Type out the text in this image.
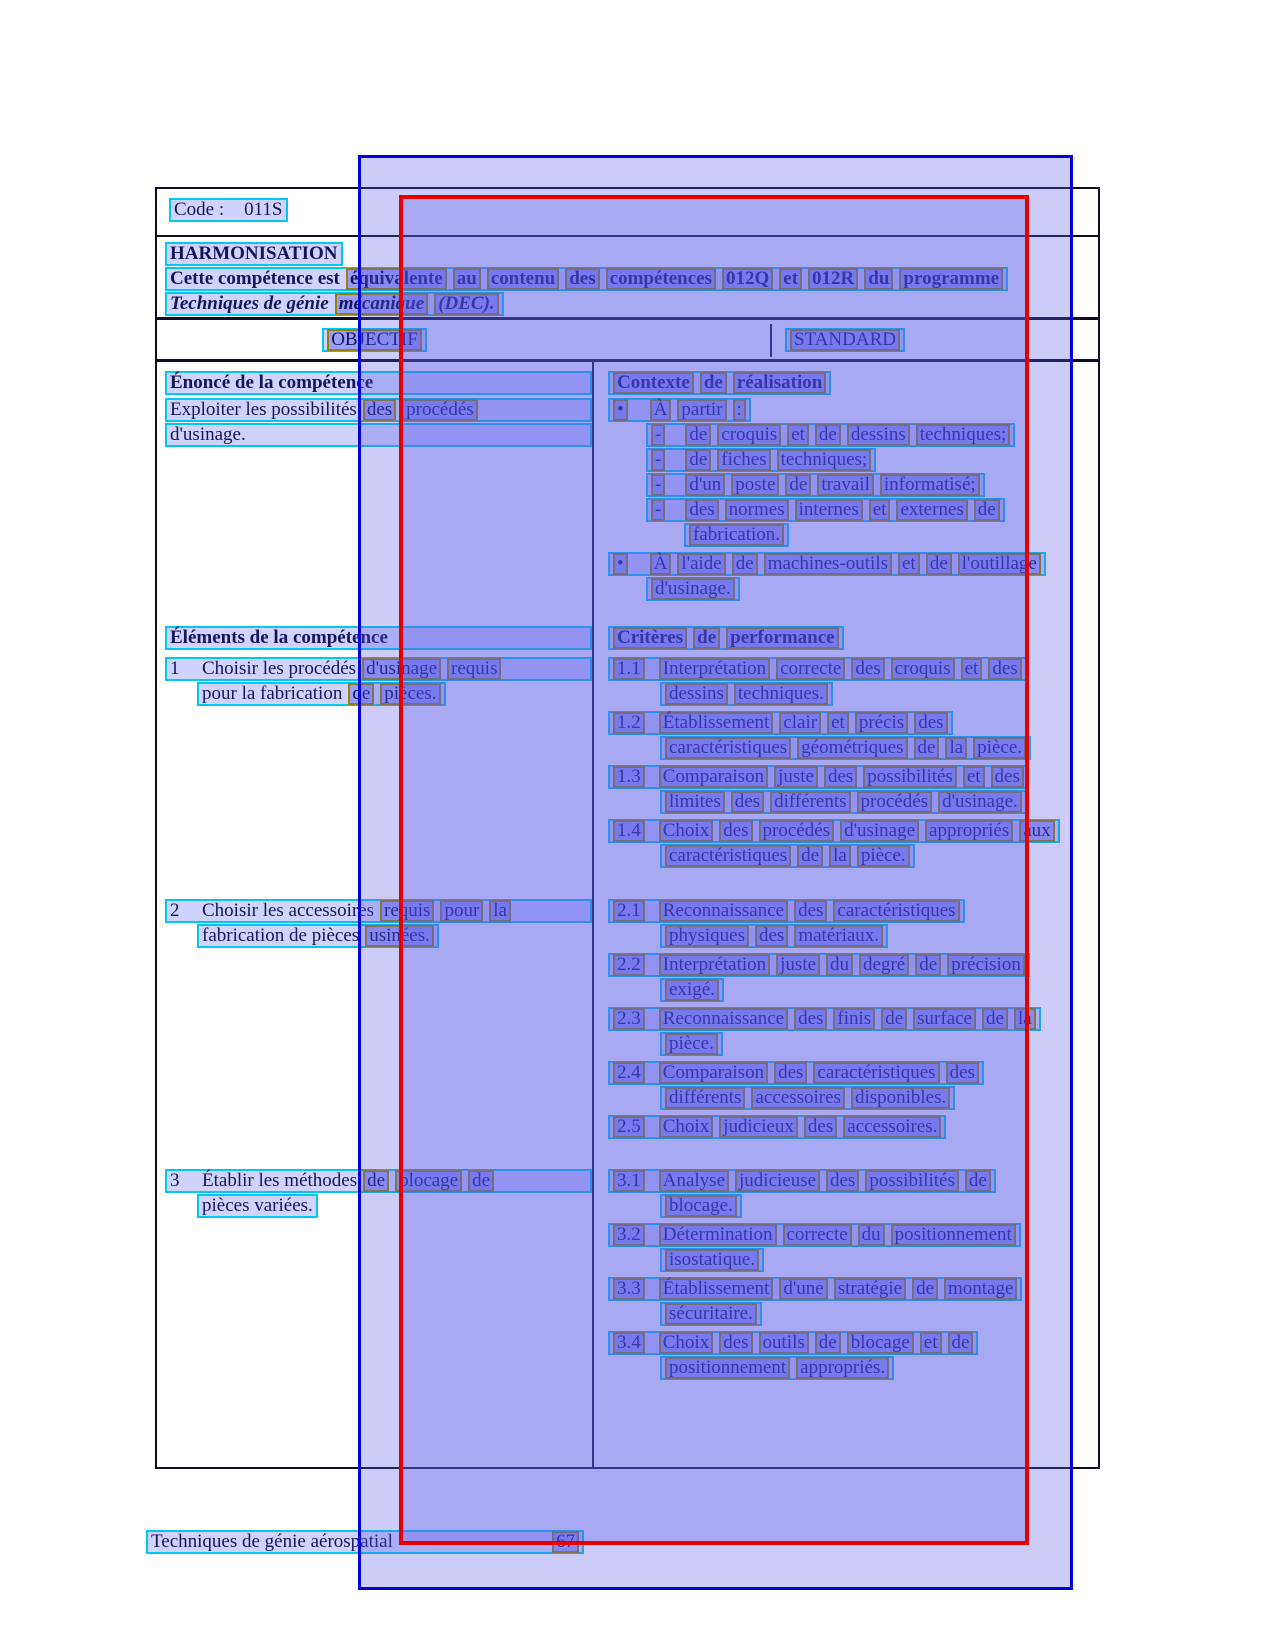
Code : 011S
HARMONISATION
Cette compétence est équivalente au contenu des compétences 012Q et 012R du programme
Techniques de génie mécanique (DEC).
OBJECTIF	STANDARD
Énoncé de la compétence
Exploiter les possibilités des procédés
d'usinage.
Éléments de la compétence
1	Choisir les procédés d'usinage requis
pour la fabrication de pièces.
2	Choisir les accessoires requis pour la
fabrication de pièces usinées.
3	Établir les méthodes de blocage de
pièces variées.
Contexte de réalisation
• À partir :
- de croquis et de dessins techniques;
- de fiches techniques;
- d'un poste de travail informatisé;
- des normes internes et externes de
fabrication.
• À l'aide de machines-outils et de l'outillage
d'usinage.
Critères de performance
1.1 Interprétation correcte des croquis et des
dessins techniques.
1.2 Établissement clair et précis des
caractéristiques géométriques de la pièce.
1.3 Comparaison juste des possibilités et des
limites des différents procédés d'usinage.
1.4 Choix des procédés d'usinage appropriés aux
caractéristiques de la pièce.
2.1 Reconnaissance des caractéristiques
physiques des matériaux.
2.2 Interprétation juste du degré de précision
exigé.
2.3 Reconnaissance des finis de surface de la
pièce.
2.4 Comparaison des caractéristiques des
différents accessoires disponibles.
2.5 Choix judicieux des accessoires.
3.1 Analyse judicieuse des possibilités de
blocage.
3.2 Détermination correcte du positionnement
isostatique.
3.3 Établissement d'une stratégie de montage
sécuritaire.
3.4 Choix des outils de blocage et de
positionnement appropriés.
Techniques de génie aérospatial	67
